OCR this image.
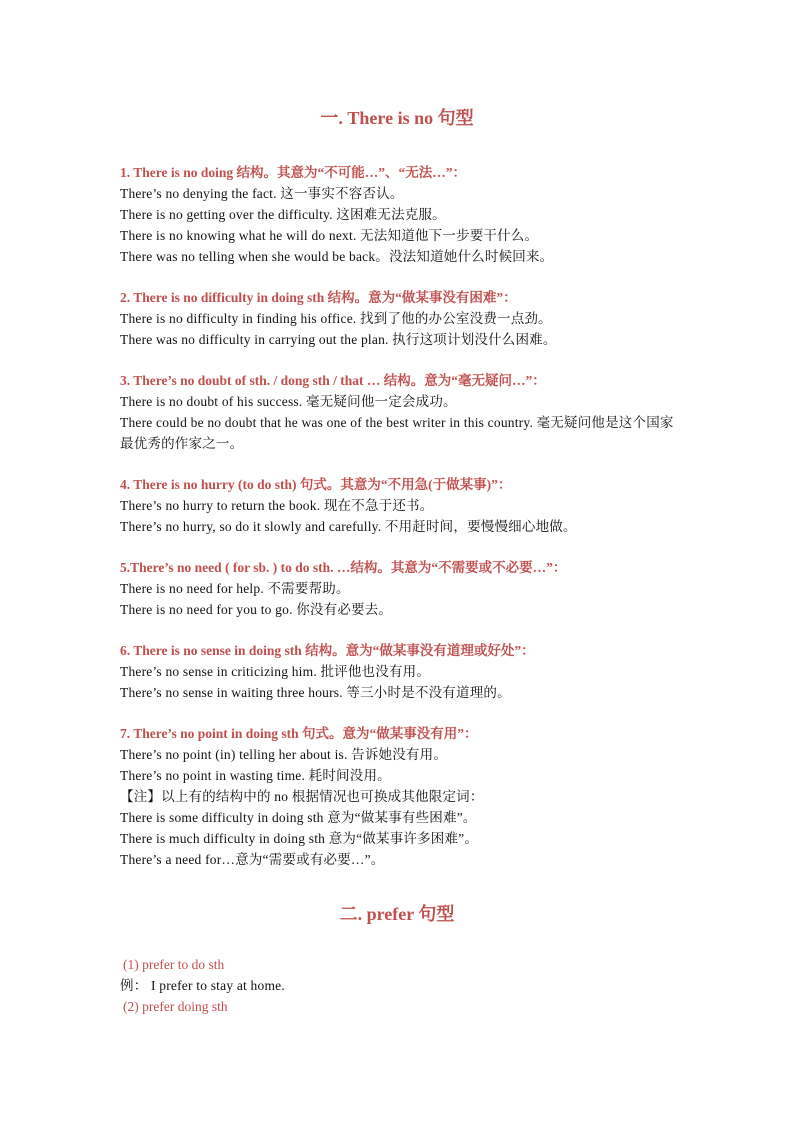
一. There is no 句型
1. There is no doing 结构。其意为“不可能…”、“无法…”：
There’s no denying the fact. 这一事实不容否认。
There is no getting over the difficulty. 这困难无法克服。
There is no knowing what he will do next. 无法知道他下一步要干什么。
There was no telling when she would be back。没法知道她什么时候回来。
2. There is no difficulty in doing sth 结构。意为“做某事没有困难”：
There is no difficulty in finding his office. 找到了他的办公室没费一点劲。
There was no difficulty in carrying out the plan. 执行这项计划没什么困难。
3. There’s no doubt of sth. / dong sth / that … 结构。意为“毫无疑问…”：
There is no doubt of his success. 毫无疑问他一定会成功。
There could be no doubt that he was one of the best writer in this country. 毫无疑问他是这个国家最优秀的作家之一。
4. There is no hurry (to do sth) 句式。其意为“不用急(于做某事)”：
There’s no hurry to return the book. 现在不急于还书。
There’s no hurry, so do it slowly and carefully. 不用赶时间，要慢慢细心地做。
5.There’s no need ( for sb. ) to do sth. …结构。其意为“不需要或不必要…”：
There is no need for help. 不需要帮助。
There is no need for you to go. 你没有必要去。
6. There is no sense in doing sth 结构。意为“做某事没有道理或好处”：
There’s no sense in criticizing him. 批评他也没有用。
There’s no sense in waiting three hours. 等三小时是不没有道理的。
7. There’s no point in doing sth 句式。意为“做某事没有用”：
There’s no point (in) telling her about is. 告诉她没有用。
There’s no point in wasting time. 耗时间没用。
【注】以上有的结构中的 no 根据情况也可换成其他限定词：
There is some difficulty in doing sth 意为“做某事有些困难”。
There is much difficulty in doing sth 意为“做某事许多困难”。
There’s a need for…意为“需要或有必要…”。
二. prefer 句型
(1) prefer to do sth
例： I prefer to stay at home.
(2) prefer doing sth
